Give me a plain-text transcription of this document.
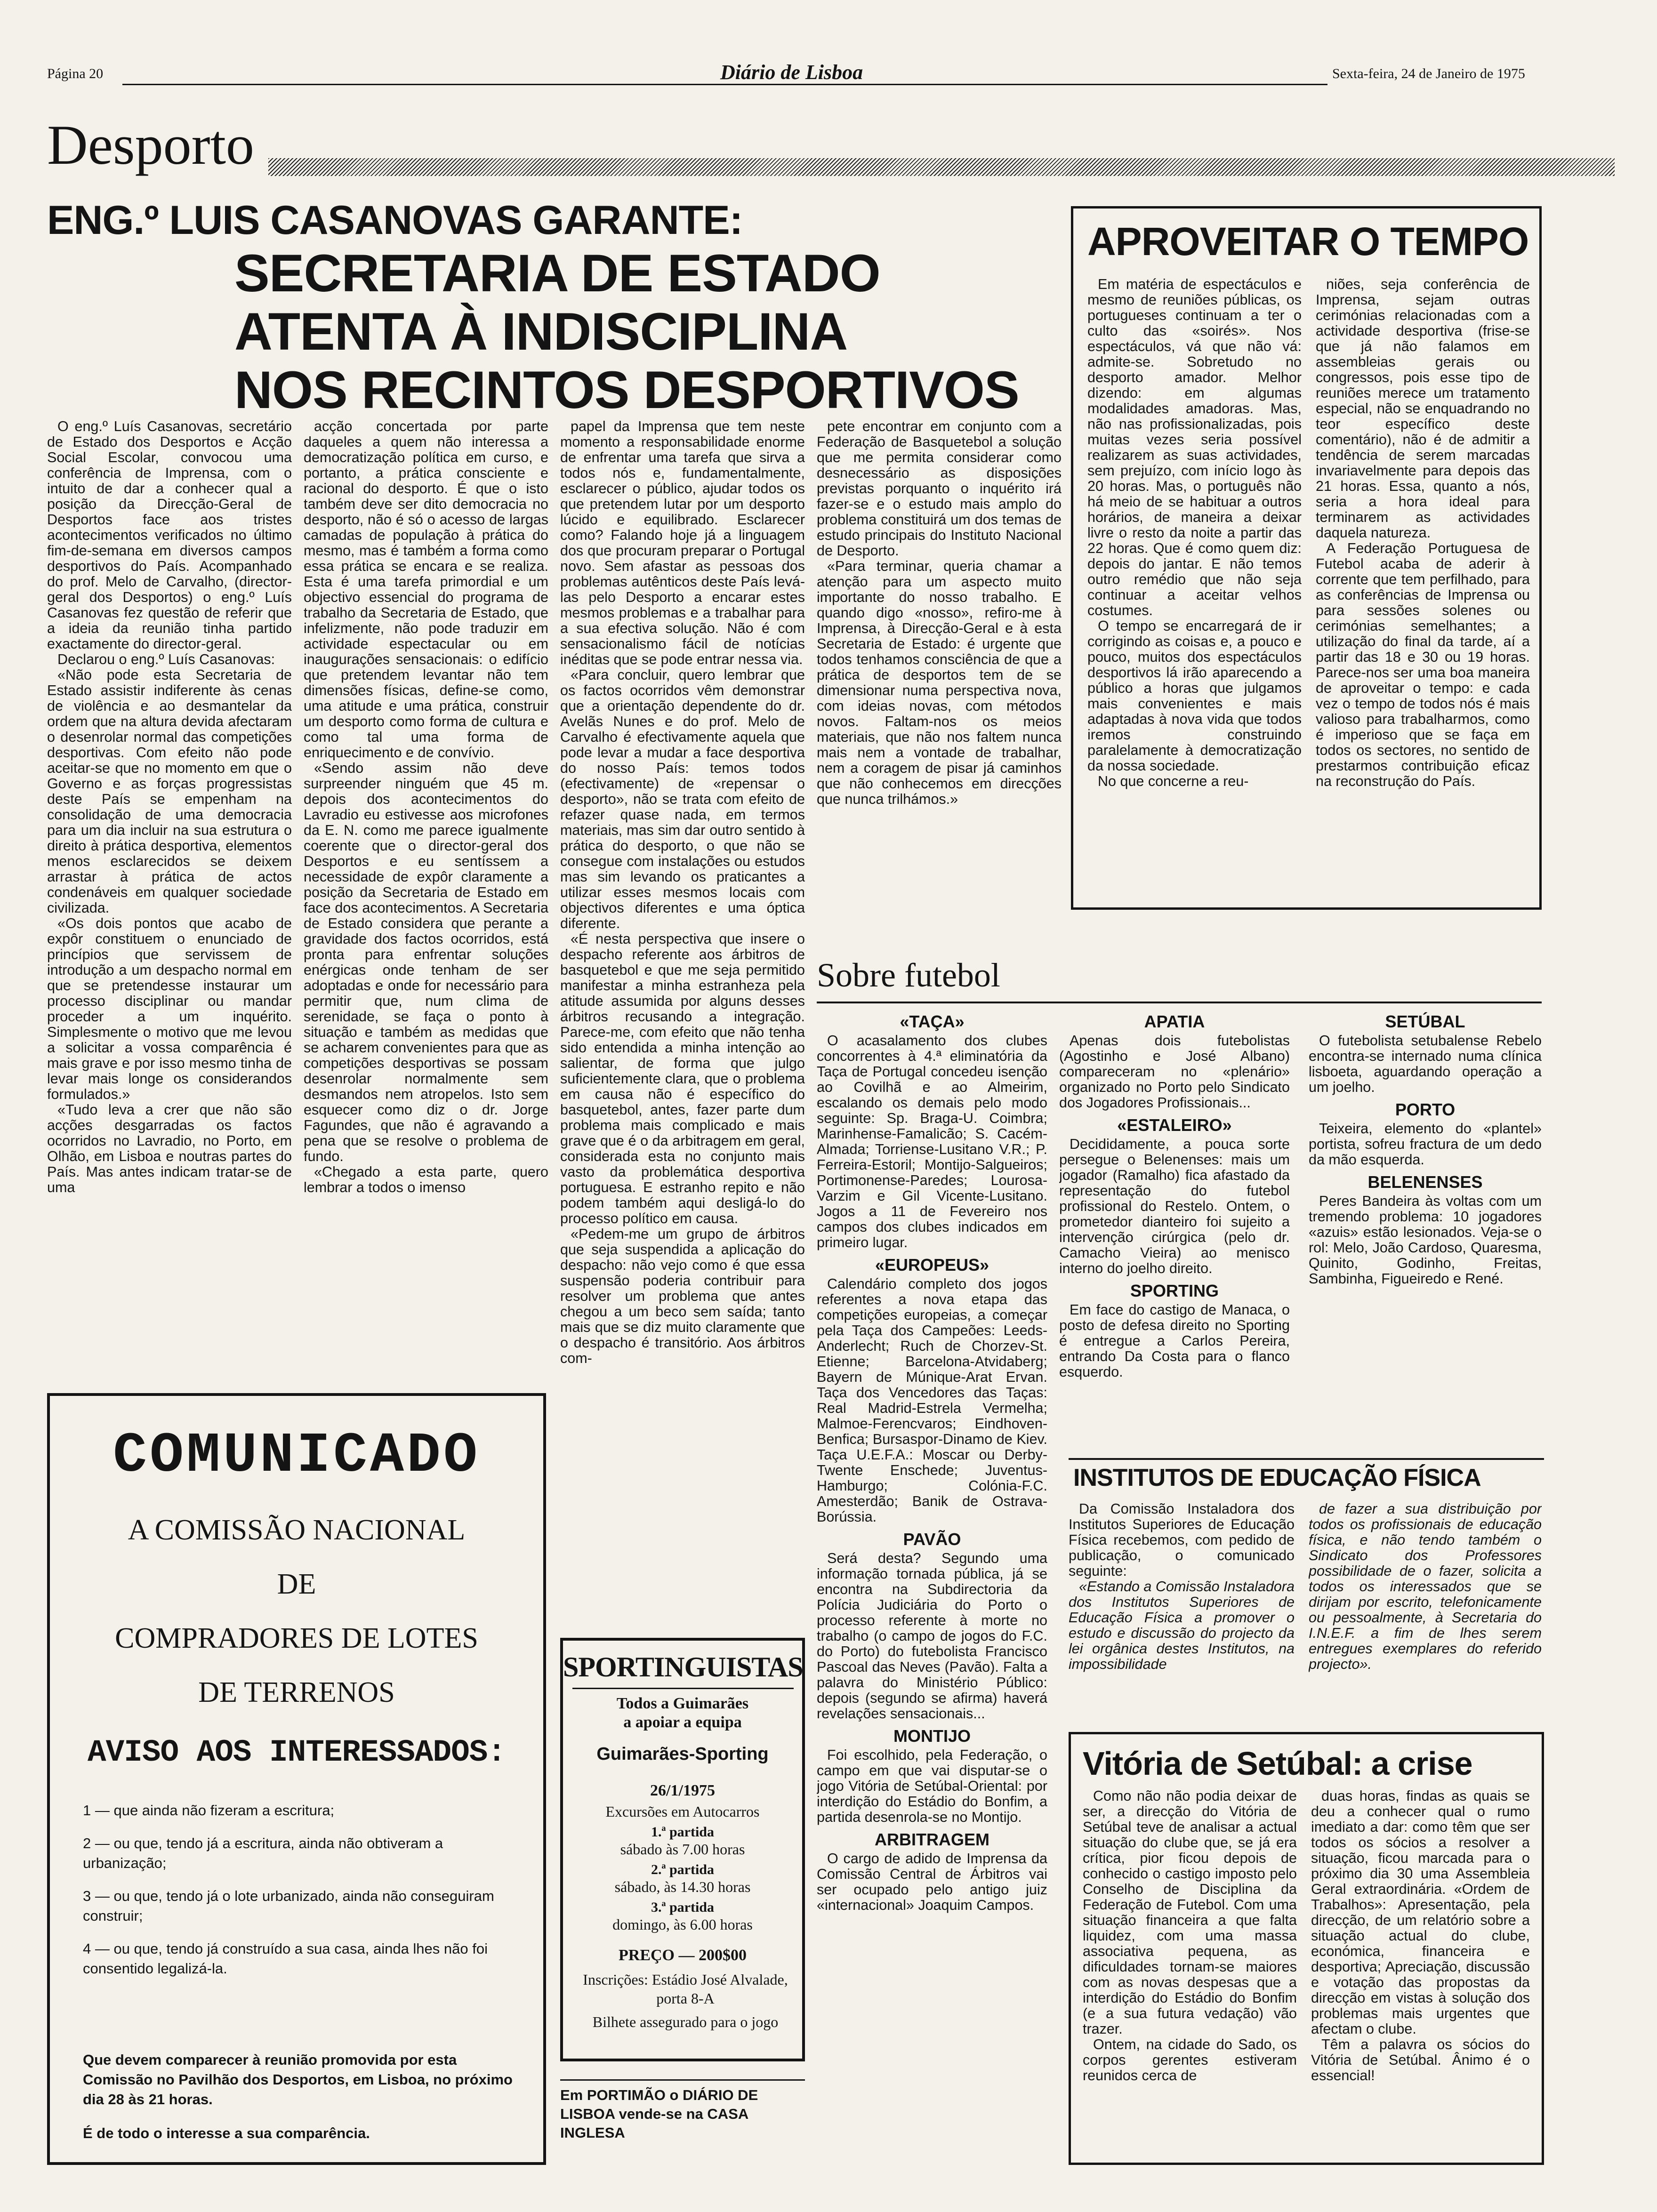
Página 20	Diário de Lisboa	Sexta-feira, 24 de Janeiro de 1975
Desporto
ENG.º LUIS CASANOVAS GARANTE:
SECRETARIA DE ESTADO
ATENTA À INDISCIPLINA
NOS RECINTOS DESPORTIVOS

O eng.º Luís Casanovas, secretário de Estado dos Desportos e Acção Social Escolar, convocou uma conferência de Imprensa, com o intuito de dar a conhecer qual a posição da Direcção-Geral de Desportos face aos tristes acontecimentos verificados no último fim-de-semana em diversos campos desportivos do País. Acompanhado do prof. Melo de Carvalho, (director-geral dos Desportos) o eng.º Luís Casanovas fez questão de referir que a ideia da reunião tinha partido exactamente do director-geral.

Declarou o eng.º Luís Casanovas:

«Não pode esta Secretaria de Estado assistir indiferente às cenas de violência e ao desmantelar da ordem que na altura devida afectaram o desenrolar normal das competições desportivas. Com efeito não pode aceitar-se que no momento em que o Governo e as forças progressistas deste País se empenham na consolidação de uma democracia para um dia incluir na sua estrutura o direito à prática desportiva, elementos menos esclarecidos se deixem arrastar à prática de actos condenáveis em qualquer sociedade civilizada.

«Os dois pontos que acabo de expôr constituem o enunciado de princípios que servissem de introdução a um despacho normal em que se pretendesse instaurar um processo disciplinar ou mandar proceder a um inquérito. Simplesmente o motivo que me levou a solicitar a vossa comparência é mais grave e por isso mesmo tinha de levar mais longe os considerandos formulados.»

«Tudo leva a crer que não são acções desgarradas os factos ocorridos no Lavradio, no Porto, em Olhão, em Lisboa e noutras partes do País. Mas antes indicam tratar-se de uma

acção concertada por parte daqueles a quem não interessa a democratização política em curso, e portanto, a prática consciente e racional do desporto. É que o isto também deve ser dito democracia no desporto, não é só o acesso de largas camadas de população à prática do mesmo, mas é também a forma como essa prática se encara e se realiza. Esta é uma tarefa primordial e um objectivo essencial do programa de trabalho da Secretaria de Estado, que infelizmente, não pode traduzir em actividade espectacular ou em inaugurações sensacionais: o edifício que pretendem levantar não tem dimensões físicas, define-se como, uma atitude e uma prática, construir um desporto como forma de cultura e como tal uma forma de enriquecimento e de convívio.

«Sendo assim não deve surpreender ninguém que 45 m. depois dos acontecimentos do Lavradio eu estivesse aos microfones da E. N. como me parece igualmente coerente que o director-geral dos Desportos e eu sentíssem a necessidade de expôr claramente a posição da Secretaria de Estado em face dos acontecimentos. A Secretaria de Estado considera que perante a gravidade dos factos ocorridos, está pronta para enfrentar soluções enérgicas onde tenham de ser adoptadas e onde for necessário para permitir que, num clima de serenidade, se faça o ponto à situação e também as medidas que se acharem convenientes para que as competições desportivas se possam desenrolar normalmente sem desmandos nem atropelos. Isto sem esquecer como diz o dr. Jorge Fagundes, que não é agravando a pena que se resolve o problema de fundo.

«Chegado a esta parte, quero lembrar a todos o imenso

papel da Imprensa que tem neste momento a responsabilidade enorme de enfrentar uma tarefa que sirva a todos nós e, fundamentalmente, esclarecer o público, ajudar todos os que pretendem lutar por um desporto lúcido e equilibrado. Esclarecer como? Falando hoje já a linguagem dos que procuram preparar o Portugal novo. Sem afastar as pessoas dos problemas autênticos deste País levá-las pelo Desporto a encarar estes mesmos problemas e a trabalhar para a sua efectiva solução. Não é com sensacionalismo fácil de notícias inéditas que se pode entrar nessa via.

«Para concluir, quero lembrar que os factos ocorridos vêm demonstrar que a orientação dependente do dr. Avelãs Nunes e do prof. Melo de Carvalho é efectivamente aquela que pode levar a mudar a face desportiva do nosso País: temos todos (efectivamente) de «repensar o desporto», não se trata com efeito de refazer quase nada, em termos materiais, mas sim dar outro sentido à prática do desporto, o que não se consegue com instalações ou estudos mas sim levando os praticantes a utilizar esses mesmos locais com objectivos diferentes e uma óptica diferente.

«É nesta perspectiva que insere o despacho referente aos árbitros de basquetebol e que me seja permitido manifestar a minha estranheza pela atitude assumida por alguns desses árbitros recusando a integração. Parece-me, com efeito que não tenha sido entendida a minha intenção ao salientar, de forma que julgo suficientemente clara, que o problema em causa não é específico do basquetebol, antes, fazer parte dum problema mais complicado e mais grave que é o da arbitragem em geral, considerada esta no conjunto mais vasto da problemática desportiva portuguesa. E estranho repito e não podem também aqui desligá-lo do processo político em causa.

«Pedem-me um grupo de árbitros que seja suspendida a aplicação do despacho: não vejo como é que essa suspensão poderia contribuir para resolver um problema que antes chegou a um beco sem saída; tanto mais que se diz muito claramente que o despacho é transitório. Aos árbitros com-

pete encontrar em conjunto com a Federação de Basquetebol a solução que me permita considerar como desnecessário as disposições previstas porquanto o inquérito irá fazer-se e o estudo mais amplo do problema constituirá um dos temas de estudo principais do Instituto Nacional de Desporto.

«Para terminar, queria chamar a atenção para um aspecto muito importante do nosso trabalho. E quando digo «nosso», refiro-me à Imprensa, à Direcção-Geral e à esta Secretaria de Estado: é urgente que todos tenhamos consciência de que a prática de desportos tem de se dimensionar numa perspectiva nova, com ideias novas, com métodos novos. Faltam-nos os meios materiais, que não nos faltem nunca mais nem a vontade de trabalhar, nem a coragem de pisar já caminhos que não conhecemos em direcções que nunca trilhámos.»

APROVEITAR O TEMPO

Em matéria de espectáculos e mesmo de reuniões públicas, os portugueses continuam a ter o culto das «soirés». Nos espectáculos, vá que não vá: admite-se. Sobretudo no desporto amador. Melhor dizendo: em algumas modalidades amadoras. Mas, não nas profissionalizadas, pois muitas vezes seria possível realizarem as suas actividades, sem prejuízo, com início logo às 20 horas. Mas, o português não há meio de se habituar a outros horários, de maneira a deixar livre o resto da noite a partir das 22 horas. Que é como quem diz: depois do jantar. E não temos outro remédio que não seja continuar a aceitar velhos costumes.

O tempo se encarregará de ir corrigindo as coisas e, a pouco e pouco, muitos dos espectáculos desportivos lá irão aparecendo a público a horas que julgamos mais convenientes e mais adaptadas à nova vida que todos iremos construindo paralelamente à democratização da nossa sociedade.

No que concerne a reu-

niões, seja conferência de Imprensa, sejam outras cerimónias relacionadas com a actividade desportiva (frise-se que já não falamos em assembleias gerais ou congressos, pois esse tipo de reuniões merece um tratamento especial, não se enquadrando no teor específico deste comentário), não é de admitir a tendência de serem marcadas invariavelmente para depois das 21 horas. Essa, quanto a nós, seria a hora ideal para terminarem as actividades daquela natureza.

A Federação Portuguesa de Futebol acaba de aderir à corrente que tem perfilhado, para as conferências de Imprensa ou para sessões solenes ou cerimónias semelhantes; a utilização do final da tarde, aí a partir das 18 e 30 ou 19 horas. Parece-nos ser uma boa maneira de aproveitar o tempo: e cada vez o tempo de todos nós é mais valioso para trabalharmos, como é imperioso que se faça em todos os sectores, no sentido de prestarmos contribuição eficaz na reconstrução do País.

Sobre futebol
«TAÇA»

O acasalamento dos clubes concorrentes à 4.ª eliminatória da Taça de Portugal concedeu isenção ao Covilhã e ao Almeirim, escalando os demais pelo modo seguinte: Sp. Braga-U. Coimbra; Marinhense-Famalicão; S. Cacém-Almada; Torriense-Lusitano V.R.; P. Ferreira-Estoril; Montijo-Salgueiros; Portimonense-Paredes; Lourosa-Varzim e Gil Vicente-Lusitano. Jogos a 11 de Fevereiro nos campos dos clubes indicados em primeiro lugar.

«EUROPEUS»

Calendário completo dos jogos referentes a nova etapa das competições europeias, a começar pela Taça dos Campeões: Leeds-Anderlecht; Ruch de Chorzev-St. Etienne; Barcelona-Atvidaberg; Bayern de Múnique-Arat Ervan. Taça dos Vencedores das Taças: Real Madrid-Estrela Vermelha; Malmoe-Ferencvaros; Eindhoven-Benfica; Bursaspor-Dinamo de Kiev. Taça U.E.F.A.: Moscar ou Derby-Twente Enschede; Juventus-Hamburgo; Colónia-F.C. Amesterdão; Banik de Ostrava-Borússia.

PAVÃO

Será desta? Segundo uma informação tornada pública, já se encontra na Subdirectoria da Polícia Judiciária do Porto o processo referente à morte no trabalho (o campo de jogos do F.C. do Porto) do futebolista Francisco Pascoal das Neves (Pavão). Falta a palavra do Ministério Público: depois (segundo se afirma) haverá revelações sensacionais...

MONTIJO

Foi escolhido, pela Federação, o campo em que vai disputar-se o jogo Vitória de Setúbal-Oriental: por interdição do Estádio do Bonfim, a partida desenrola-se no Montijo.

ARBITRAGEM

O cargo de adido de Imprensa da Comissão Central de Árbitros vai ser ocupado pelo antigo juiz «internacional» Joaquim Campos.

APATIA

Apenas dois futebolistas (Agostinho e José Albano) compareceram no «plenário» organizado no Porto pelo Sindicato dos Jogadores Profissionais...

«ESTALEIRO»

Decididamente, a pouca sorte persegue o Belenenses: mais um jogador (Ramalho) fica afastado da representação do futebol profissional do Restelo. Ontem, o prometedor dianteiro foi sujeito a intervenção cirúrgica (pelo dr. Camacho Vieira) ao menisco interno do joelho direito.

SPORTING

Em face do castigo de Manaca, o posto de defesa direito no Sporting é entregue a Carlos Pereira, entrando Da Costa para o flanco esquerdo.

SETÚBAL

O futebolista setubalense Rebelo encontra-se internado numa clínica lisboeta, aguardando operação a um joelho.

PORTO

Teixeira, elemento do «plantel» portista, sofreu fractura de um dedo da mão esquerda.

BELENENSES

Peres Bandeira às voltas com um tremendo problema: 10 jogadores «azuis» estão lesionados. Veja-se o rol: Melo, João Cardoso, Quaresma, Quinito, Godinho, Freitas, Sambinha, Figueiredo e René.

INSTITUTOS DE EDUCAÇÃO FÍSICA

Da Comissão Instaladora dos Institutos Superiores de Educação Física recebemos, com pedido de publicação, o comunicado seguinte:

«Estando a Comissão Instaladora dos Institutos Superiores de Educação Física a promover o estudo e discussão do projecto da lei orgânica destes Institutos, na impossibilidade

de fazer a sua distribuição por todos os profissionais de educação física, e não tendo também o Sindicato dos Professores possibilidade de o fazer, solicita a todos os interessados que se dirijam por escrito, telefonicamente ou pessoalmente, à Secretaria do I.N.E.F. a fim de lhes serem entregues exemplares do referido projecto».

Vitória de Setúbal: a crise

Como não não podia deixar de ser, a direcção do Vitória de Setúbal teve de analisar a actual situação do clube que, se já era crítica, pior ficou depois de conhecido o castigo imposto pelo Conselho de Disciplina da Federação de Futebol. Com uma situação financeira a que falta liquidez, com uma massa associativa pequena, as dificuldades tornam-se maiores com as novas despesas que a interdição do Estádio do Bonfim (e a sua futura vedação) vão trazer.

Ontem, na cidade do Sado, os corpos gerentes estiveram reunidos cerca de

duas horas, findas as quais se deu a conhecer qual o rumo imediato a dar: como têm que ser todos os sócios a resolver a situação, ficou marcada para o próximo dia 30 uma Assembleia Geral extraordinária. «Ordem de Trabalhos»: Apresentação, pela direcção, de um relatório sobre a situação actual do clube, económica, financeira e desportiva; Apreciação, discussão e votação das propostas da direcção em vistas à solução dos problemas mais urgentes que afectam o clube.

Têm a palavra os sócios do Vitória de Setúbal. Ânimo é o essencial!

COMUNICADO
A COMISSÃO NACIONAL
DE
COMPRADORES DE LOTES
DE TERRENOS
AVISO AOS INTERESSADOS:

1 — que ainda não fizeram a escritura;

2 — ou que, tendo já a escritura, ainda não obtiveram a urbanização;

3 — ou que, tendo já o lote urbanizado, ainda não conseguiram construir;

4 — ou que, tendo já construído a sua casa, ainda lhes não foi consentido legalizá-la.

Que devem comparecer à reunião promovida por esta Comissão no Pavilhão dos Desportos, em Lisboa, no próximo dia 28 às 21 horas.

É de todo o interesse a sua comparência.

SPORTINGUISTAS
Todos a Guimarães
a apoiar a equipa
Guimarães-Sporting
26/1/1975
Excursões em Autocarros
1.ª partida
sábado às 7.00 horas
2.ª partida
sábado, às 14.30 horas
3.ª partida
domingo, às 6.00 horas
PREÇO — 200$00
Inscrições: Estádio José Alvalade, porta 8-A
Bilhete assegurado para o jogo
Em PORTIMÃO o DIÁRIO DE LISBOA vende-se na CASA INGLESA
